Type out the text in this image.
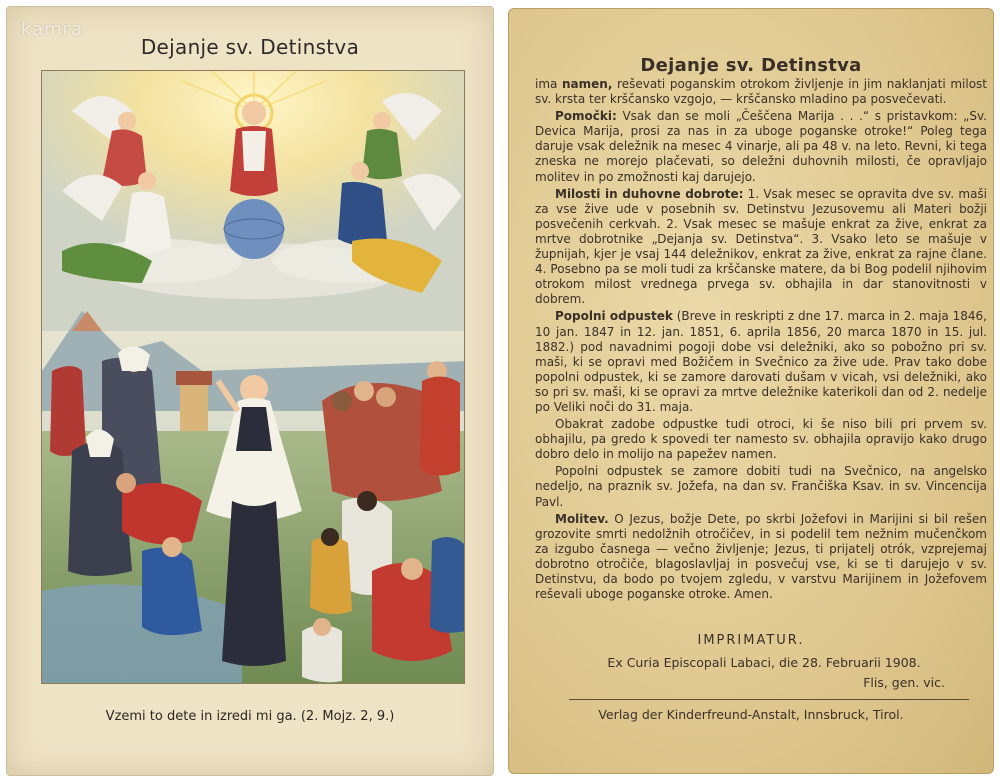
kamra
Dejanje sv. Detinstva
Vzemi to dete in izredi mi ga. (2. Mojz. 2, 9.)
Dejanje sv. Detinstva

ima namen, reševati poganskim otrokom življenje in jim naklanjati milost sv. krsta ter krščansko vzgojo, — krščansko mladino pa posvečevati.

Pomočki: Vsak dan se moli „Češčena Marija . . .“ s pristavkom: „Sv. Devica Marija, prosi za nas in za uboge poganske otroke!“ Poleg tega daruje vsak deležnik na mesec 4 vinarje, ali pa 48 v. na leto. Revni, ki tega zneska ne morejo plačevati, so deležni duhovnih milosti, če opravljajo molitev in po zmožnosti kaj darujejo.

Milosti in duhovne dobrote: 1. Vsak mesec se opravita dve sv. maši za vse žive ude v posebnih sv. Detinstvu Jezusovemu ali Materi božji posvečenih cerkvah. 2. Vsak mesec se mašuje enkrat za žive, enkrat za mrtve dobrotnike „Dejanja sv. Detinstva“. 3. Vsako leto se mašuje v župnijah, kjer je vsaj 144 deležnikov, enkrat za žive, enkrat za rajne člane. 4. Posebno pa se moli tudi za krščanske matere, da bi Bog podelil njihovim otrokom milost vrednega prvega sv. obhajila in dar stanovitnosti v dobrem.

Popolni odpustek (Breve in reskripti z dne 17. marca in 2. maja 1846, 10 jan. 1847 in 12. jan. 1851, 6. aprila 1856, 20 marca 1870 in 15. jul. 1882.) pod navadnimi pogoji dobe vsi deležniki, ako so pobožno pri sv. maši, ki se opravi med Božičem in Svečnico za žive ude. Prav tako dobe popolni odpustek, ki se zamore darovati dušam v vicah, vsi deležniki, ako so pri sv. maši, ki se opravi za mrtve deležnike katerikoli dan od 2. nedelje po Veliki noči do 31. maja.

Obakrat zadobe odpustke tudi otroci, ki še niso bili pri prvem sv. obhajilu, pa gredo k spovedi ter namesto sv. obhajila opravijo kako drugo dobro delo in molijo na papežev namen.

Popolni odpustek se zamore dobiti tudi na Svečnico, na angelsko nedeljo, na praznik sv. Jožefa, na dan sv. Frančiška Ksav. in sv. Vincencija Pavl.

Molitev. O Jezus, božje Dete, po skrbi Jožefovi in Marijini si bil rešen grozovite smrti nedolžnih otročičev, in si podelil tem nežnim mučenčkom za izgubo časnega — večno življenje; Jezus, ti prijatelj otrók, vzprejemaj dobrotno otročiče, blagoslavljaj in posvečuj vse, ki se ti darujejo v sv. Detinstvu, da bodo po tvojem zgledu, v varstvu Marijinem in Jožefovem reševali uboge poganske otroke. Amen.

IMPRIMATUR.
Ex Curia Episcopali Labaci, die 28. Februarii 1908.
Flis, gen. vic.
Verlag der Kinderfreund-Anstalt, Innsbruck, Tirol.
